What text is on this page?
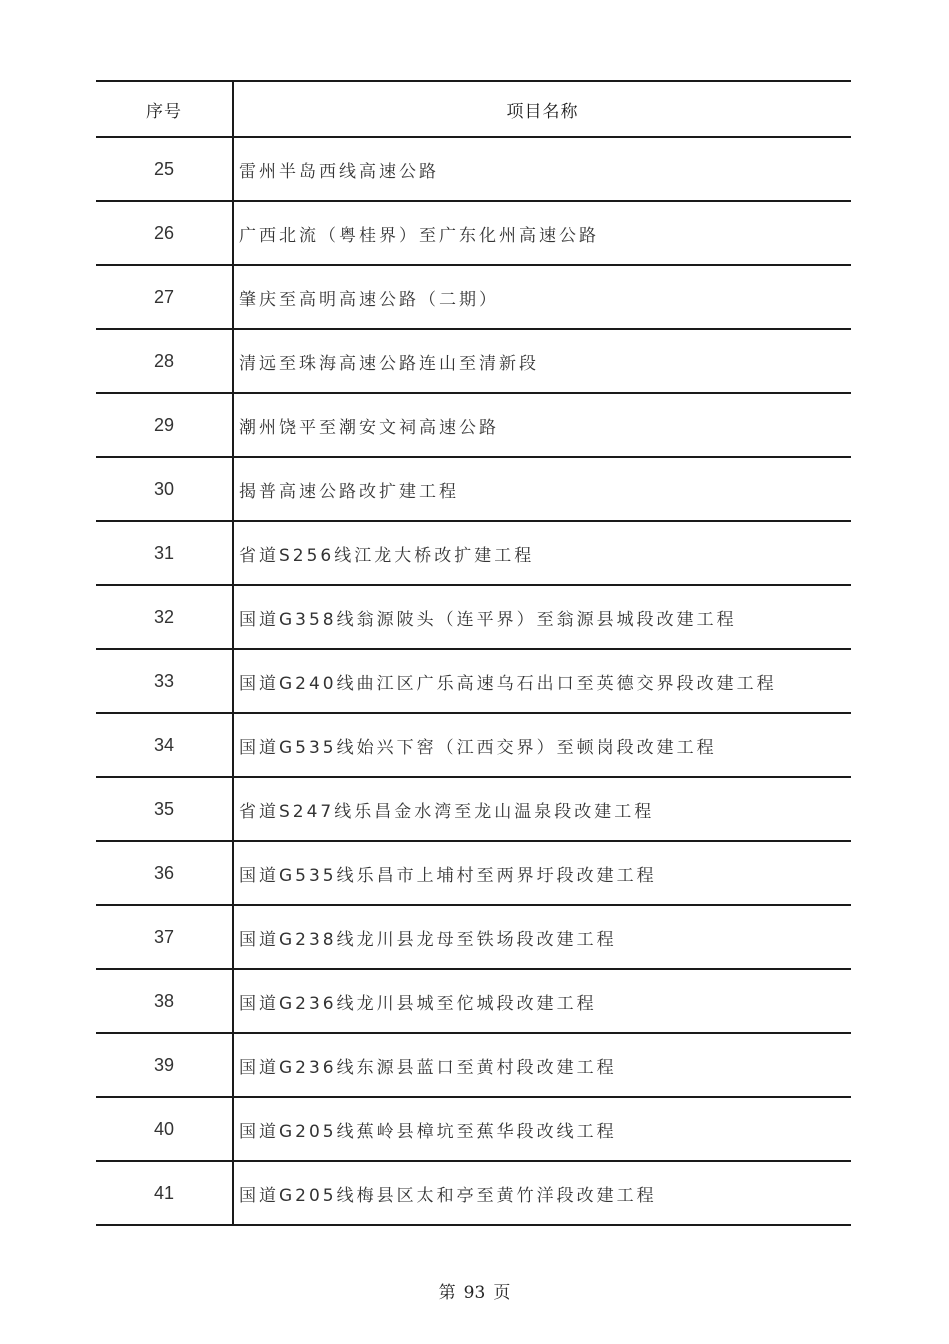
序号	项目名称
25	雷州半岛西线高速公路
26	广西北流（粤桂界）至广东化州高速公路
27	肇庆至高明高速公路（二期）
28	清远至珠海高速公路连山至清新段
29	潮州饶平至潮安文祠高速公路
30	揭普高速公路改扩建工程
31	省道S256线江龙大桥改扩建工程
32	国道G358线翁源陂头（连平界）至翁源县城段改建工程
33	国道G240线曲江区广乐高速乌石出口至英德交界段改建工程
34	国道G535线始兴下窖（江西交界）至顿岗段改建工程
35	省道S247线乐昌金水湾至龙山温泉段改建工程
36	国道G535线乐昌市上埔村至两界圩段改建工程
37	国道G238线龙川县龙母至铁场段改建工程
38	国道G236线龙川县城至佗城段改建工程
39	国道G236线东源县蓝口至黄村段改建工程
40	国道G205线蕉岭县樟坑至蕉华段改线工程
41	国道G205线梅县区太和亭至黄竹洋段改建工程
第 93 页
